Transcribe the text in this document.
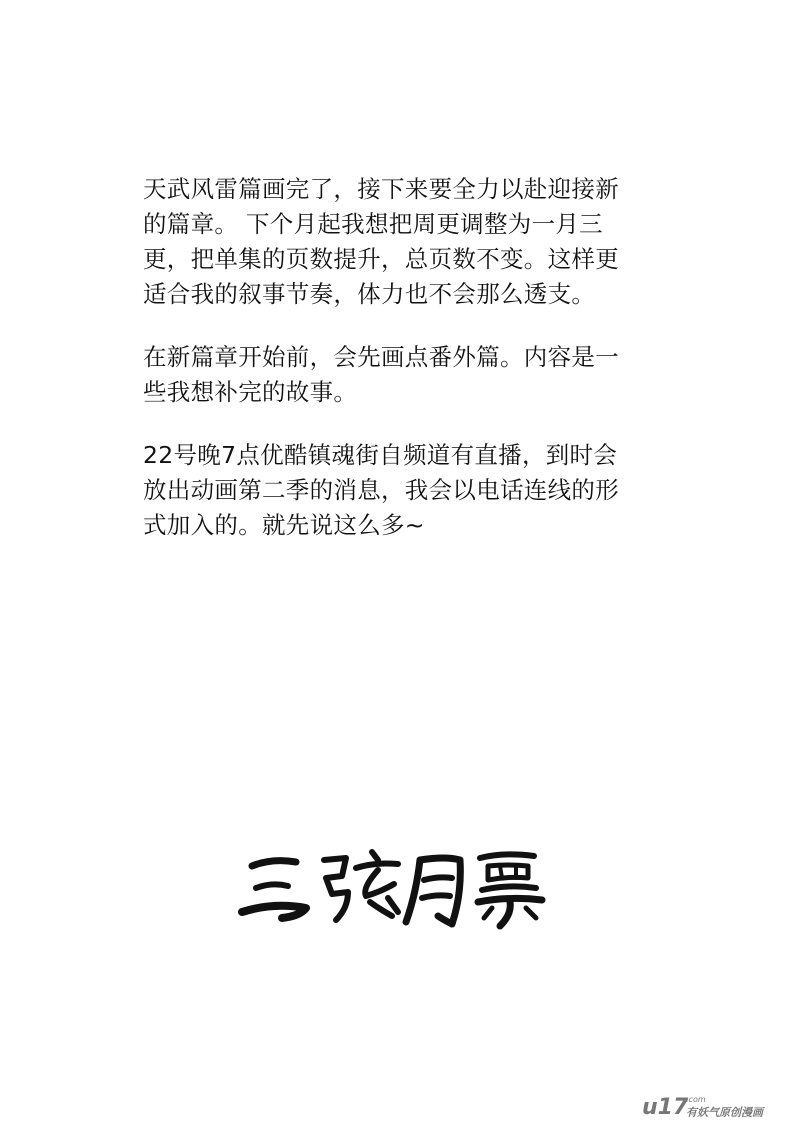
天武风雷篇画完了，接下来要全力以赴迎接新
的篇章。 下个月起我想把周更调整为一月三
更，把单集的页数提升，总页数不变。这样更
适合我的叙事节奏，体力也不会那么透支。
在新篇章开始前，会先画点番外篇。内容是一
些我想补完的故事。
22号晚7点优酷镇魂街自频道有直播，到时会
放出动画第二季的消息，我会以电话连线的形
式加入的。就先说这么多~
u17
.com
有妖气原创漫画
